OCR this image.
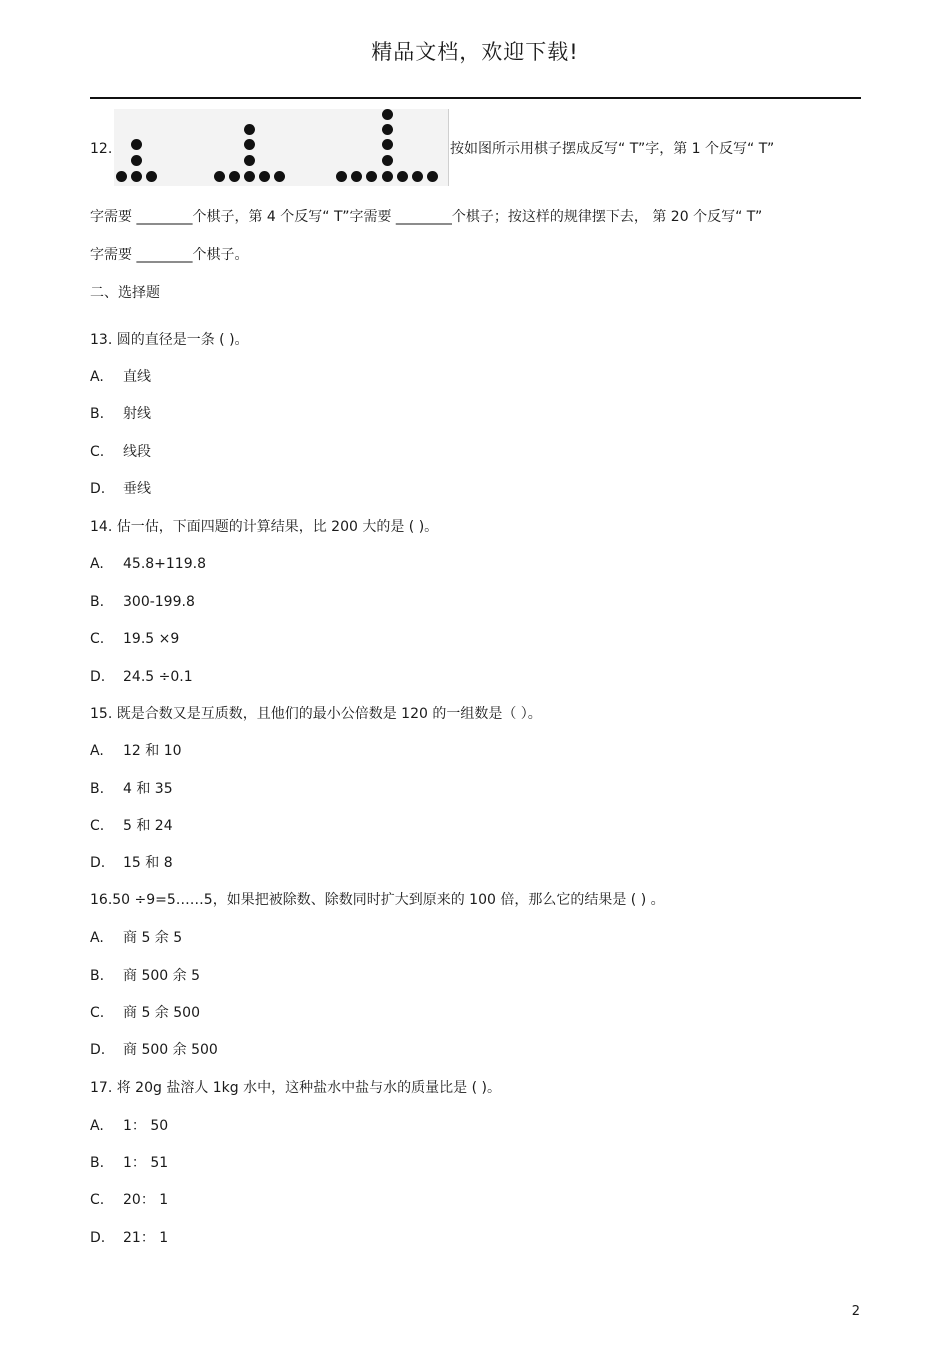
精品文档，欢迎下载!
12.	按如图所示用棋子摆成反写“ T”字，第 1 个反写“ T”
字需要 ________个棋子，第 4 个反写“ T”字需要 ________个棋子；按这样的规律摆下去， 第 20 个反写“ T”
字需要 ________个棋子。
二、选择题
13. 圆的直径是一条 ( )。
A. 直线
B. 射线
C. 线段
D. 垂线
14. 估一估，下面四题的计算结果，比 200 大的是 ( )。
A. 45.8+119.8
B. 300-199.8
C. 19.5 ×9
D. 24.5 ÷0.1
15. 既是合数又是互质数，且他们的最小公倍数是 120 的一组数是（ ）。
A. 12 和 10
B. 4 和 35
C. 5 和 24
D. 15 和 8
16.50 ÷9=5……5，如果把被除数、除数同时扩大到原来的 100 倍，那么它的结果是 ( ) 。
A. 商 5 余 5
B. 商 500 余 5
C. 商 5 余 500
D. 商 500 余 500
17. 将 20g 盐溶人 1kg 水中，这种盐水中盐与水的质量比是 ( )。
A. 1： 50
B. 1： 51
C. 20： 1
D. 21： 1
2
